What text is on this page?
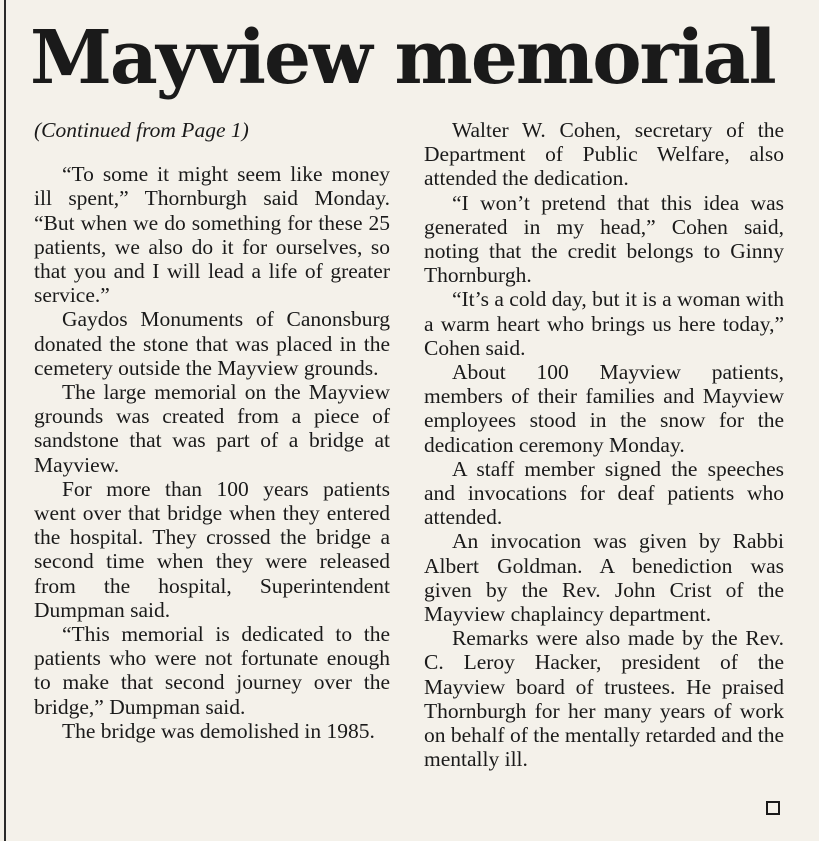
Mayview memorial

(Continued from Page 1)

“To some it might seem like money ill spent,” Thornburgh said Monday. “But when we do something for these 25 patients, we also do it for ourselves, so that you and I will lead a life of greater service.”

Gaydos Monuments of Canonsburg donated the stone that was placed in the cemetery outside the Mayview grounds.

The large memorial on the Mayview grounds was created from a piece of sandstone that was part of a bridge at Mayview.

For more than 100 years patients went over that bridge when they entered the hospital. They crossed the bridge a second time when they were released from the hospital, Superintendent Dumpman said.

“This memorial is dedicated to the patients who were not fortunate enough to make that second journey over the bridge,” Dumpman said.

The bridge was demolished in 1985.

Walter W. Cohen, secretary of the Department of Public Welfare, also attended the dedication.

“I won’t pretend that this idea was generated in my head,” Cohen said, noting that the credit belongs to Ginny Thornburgh.

“It’s a cold day, but it is a woman with a warm heart who brings us here today,” Cohen said.

About 100 Mayview patients, members of their families and Mayview employees stood in the snow for the dedication ceremony Monday.

A staff member signed the speeches and invocations for deaf patients who attended.

An invocation was given by Rabbi Albert Goldman. A benediction was given by the Rev. John Crist of the Mayview chaplaincy department.

Remarks were also made by the Rev. C. Leroy Hacker, president of the Mayview board of trustees. He praised Thornburgh for her many years of work on behalf of the mentally retarded and the mentally ill.
